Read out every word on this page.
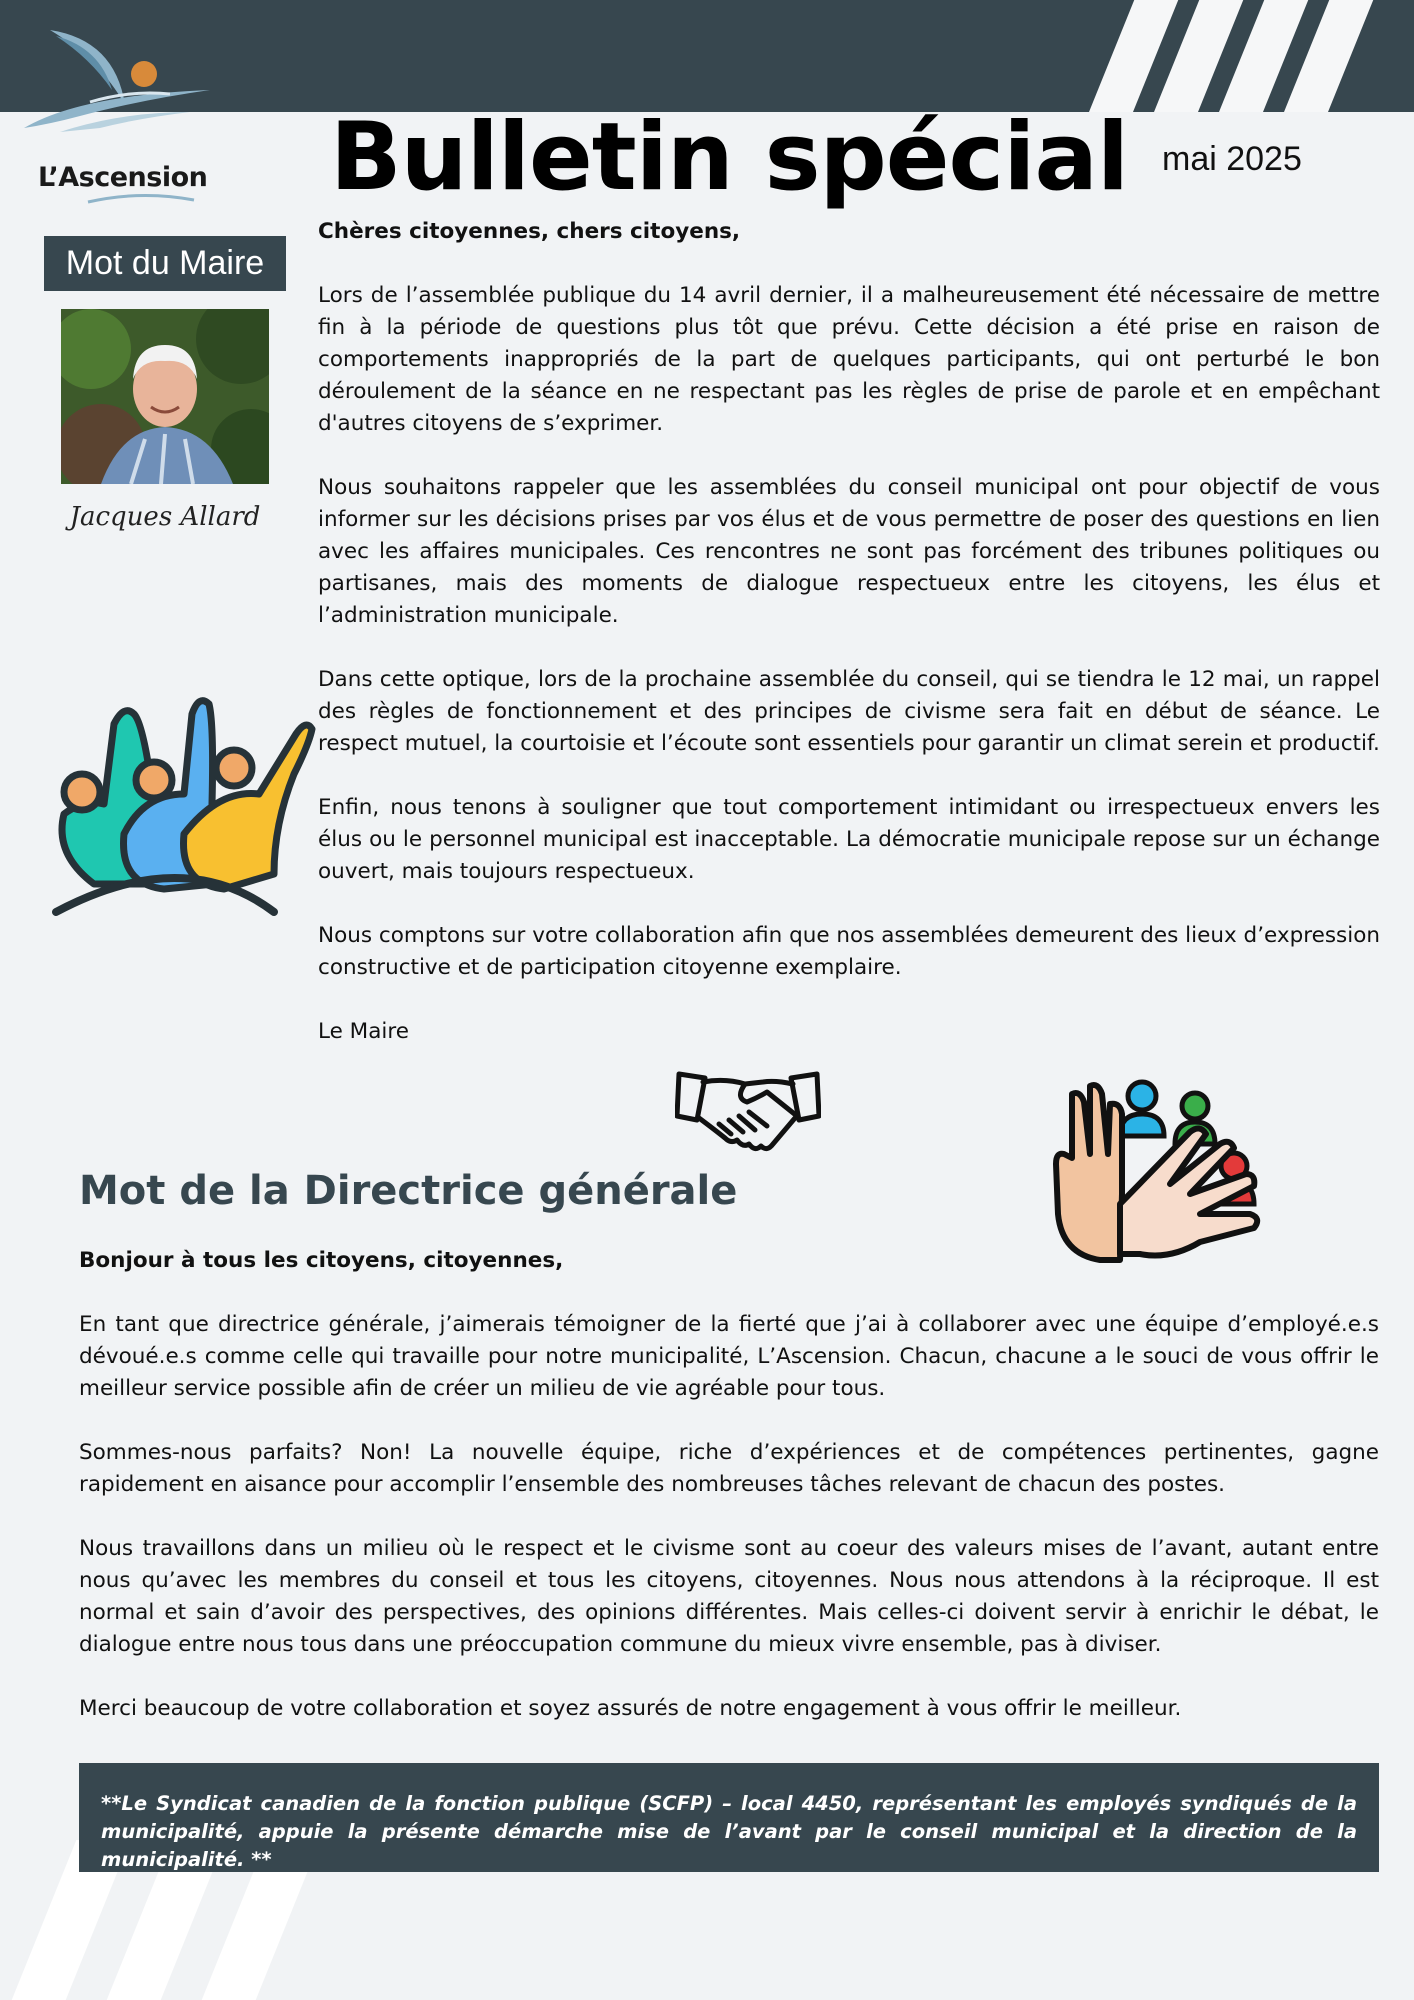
L’Ascension Bulletin spécial mai 2025
Mot du Maire
Jacques Allard

Chères citoyennes, chers citoyens,

Lors de l’assemblée publique du 14 avril dernier, il a malheureusement été nécessaire de mettre fin à la période de questions plus tôt que prévu. Cette décision a été prise en raison de comportements inappropriés de la part de quelques participants, qui ont perturbé le bon déroulement de la séance en ne respectant pas les règles de prise de parole et en empêchant d'autres citoyens de s’exprimer.

Nous souhaitons rappeler que les assemblées du conseil municipal ont pour objectif de vous informer sur les décisions prises par vos élus et de vous permettre de poser des questions en lien avec les affaires municipales. Ces rencontres ne sont pas forcément des tribunes politiques ou partisanes, mais des moments de dialogue respectueux entre les citoyens, les élus et l’administration municipale.

Dans cette optique, lors de la prochaine assemblée du conseil, qui se tiendra le 12 mai, un rappel des règles de fonctionnement et des principes de civisme sera fait en début de séance. Le respect mutuel, la courtoisie et l’écoute sont essentiels pour garantir un climat serein et productif.

Enfin, nous tenons à souligner que tout comportement intimidant ou irrespectueux envers les élus ou le personnel municipal est inacceptable. La démocratie municipale repose sur un échange ouvert, mais toujours respectueux.

Nous comptons sur votre collaboration afin que nos assemblées demeurent des lieux d’expression constructive et de participation citoyenne exemplaire.

Le Maire

Mot de la Directrice générale

Bonjour à tous les citoyens, citoyennes,

En tant que directrice générale, j’aimerais témoigner de la fierté que j’ai à collaborer avec une équipe d’employé.e.s dévoué.e.s comme celle qui travaille pour notre municipalité, L’Ascension. Chacun, chacune a le souci de vous offrir le meilleur service possible afin de créer un milieu de vie agréable pour tous.

Sommes-nous parfaits? Non! La nouvelle équipe, riche d’expériences et de compétences pertinentes, gagne rapidement en aisance pour accomplir l’ensemble des nombreuses tâches relevant de chacun des postes.

Nous travaillons dans un milieu où le respect et le civisme sont au coeur des valeurs mises de l’avant, autant entre nous qu’avec les membres du conseil et tous les citoyens, citoyennes. Nous nous attendons à la réciproque. Il est normal et sain d’avoir des perspectives, des opinions différentes. Mais celles-ci doivent servir à enrichir le débat, le dialogue entre nous tous dans une préoccupation commune du mieux vivre ensemble, pas à diviser.

Merci beaucoup de votre collaboration et soyez assurés de notre engagement à vous offrir le meilleur.

**Le Syndicat canadien de la fonction publique (SCFP) – local 4450, représentant les employés syndiqués de la municipalité, appuie la présente démarche mise de l’avant par le conseil municipal et la direction de la municipalité. **
